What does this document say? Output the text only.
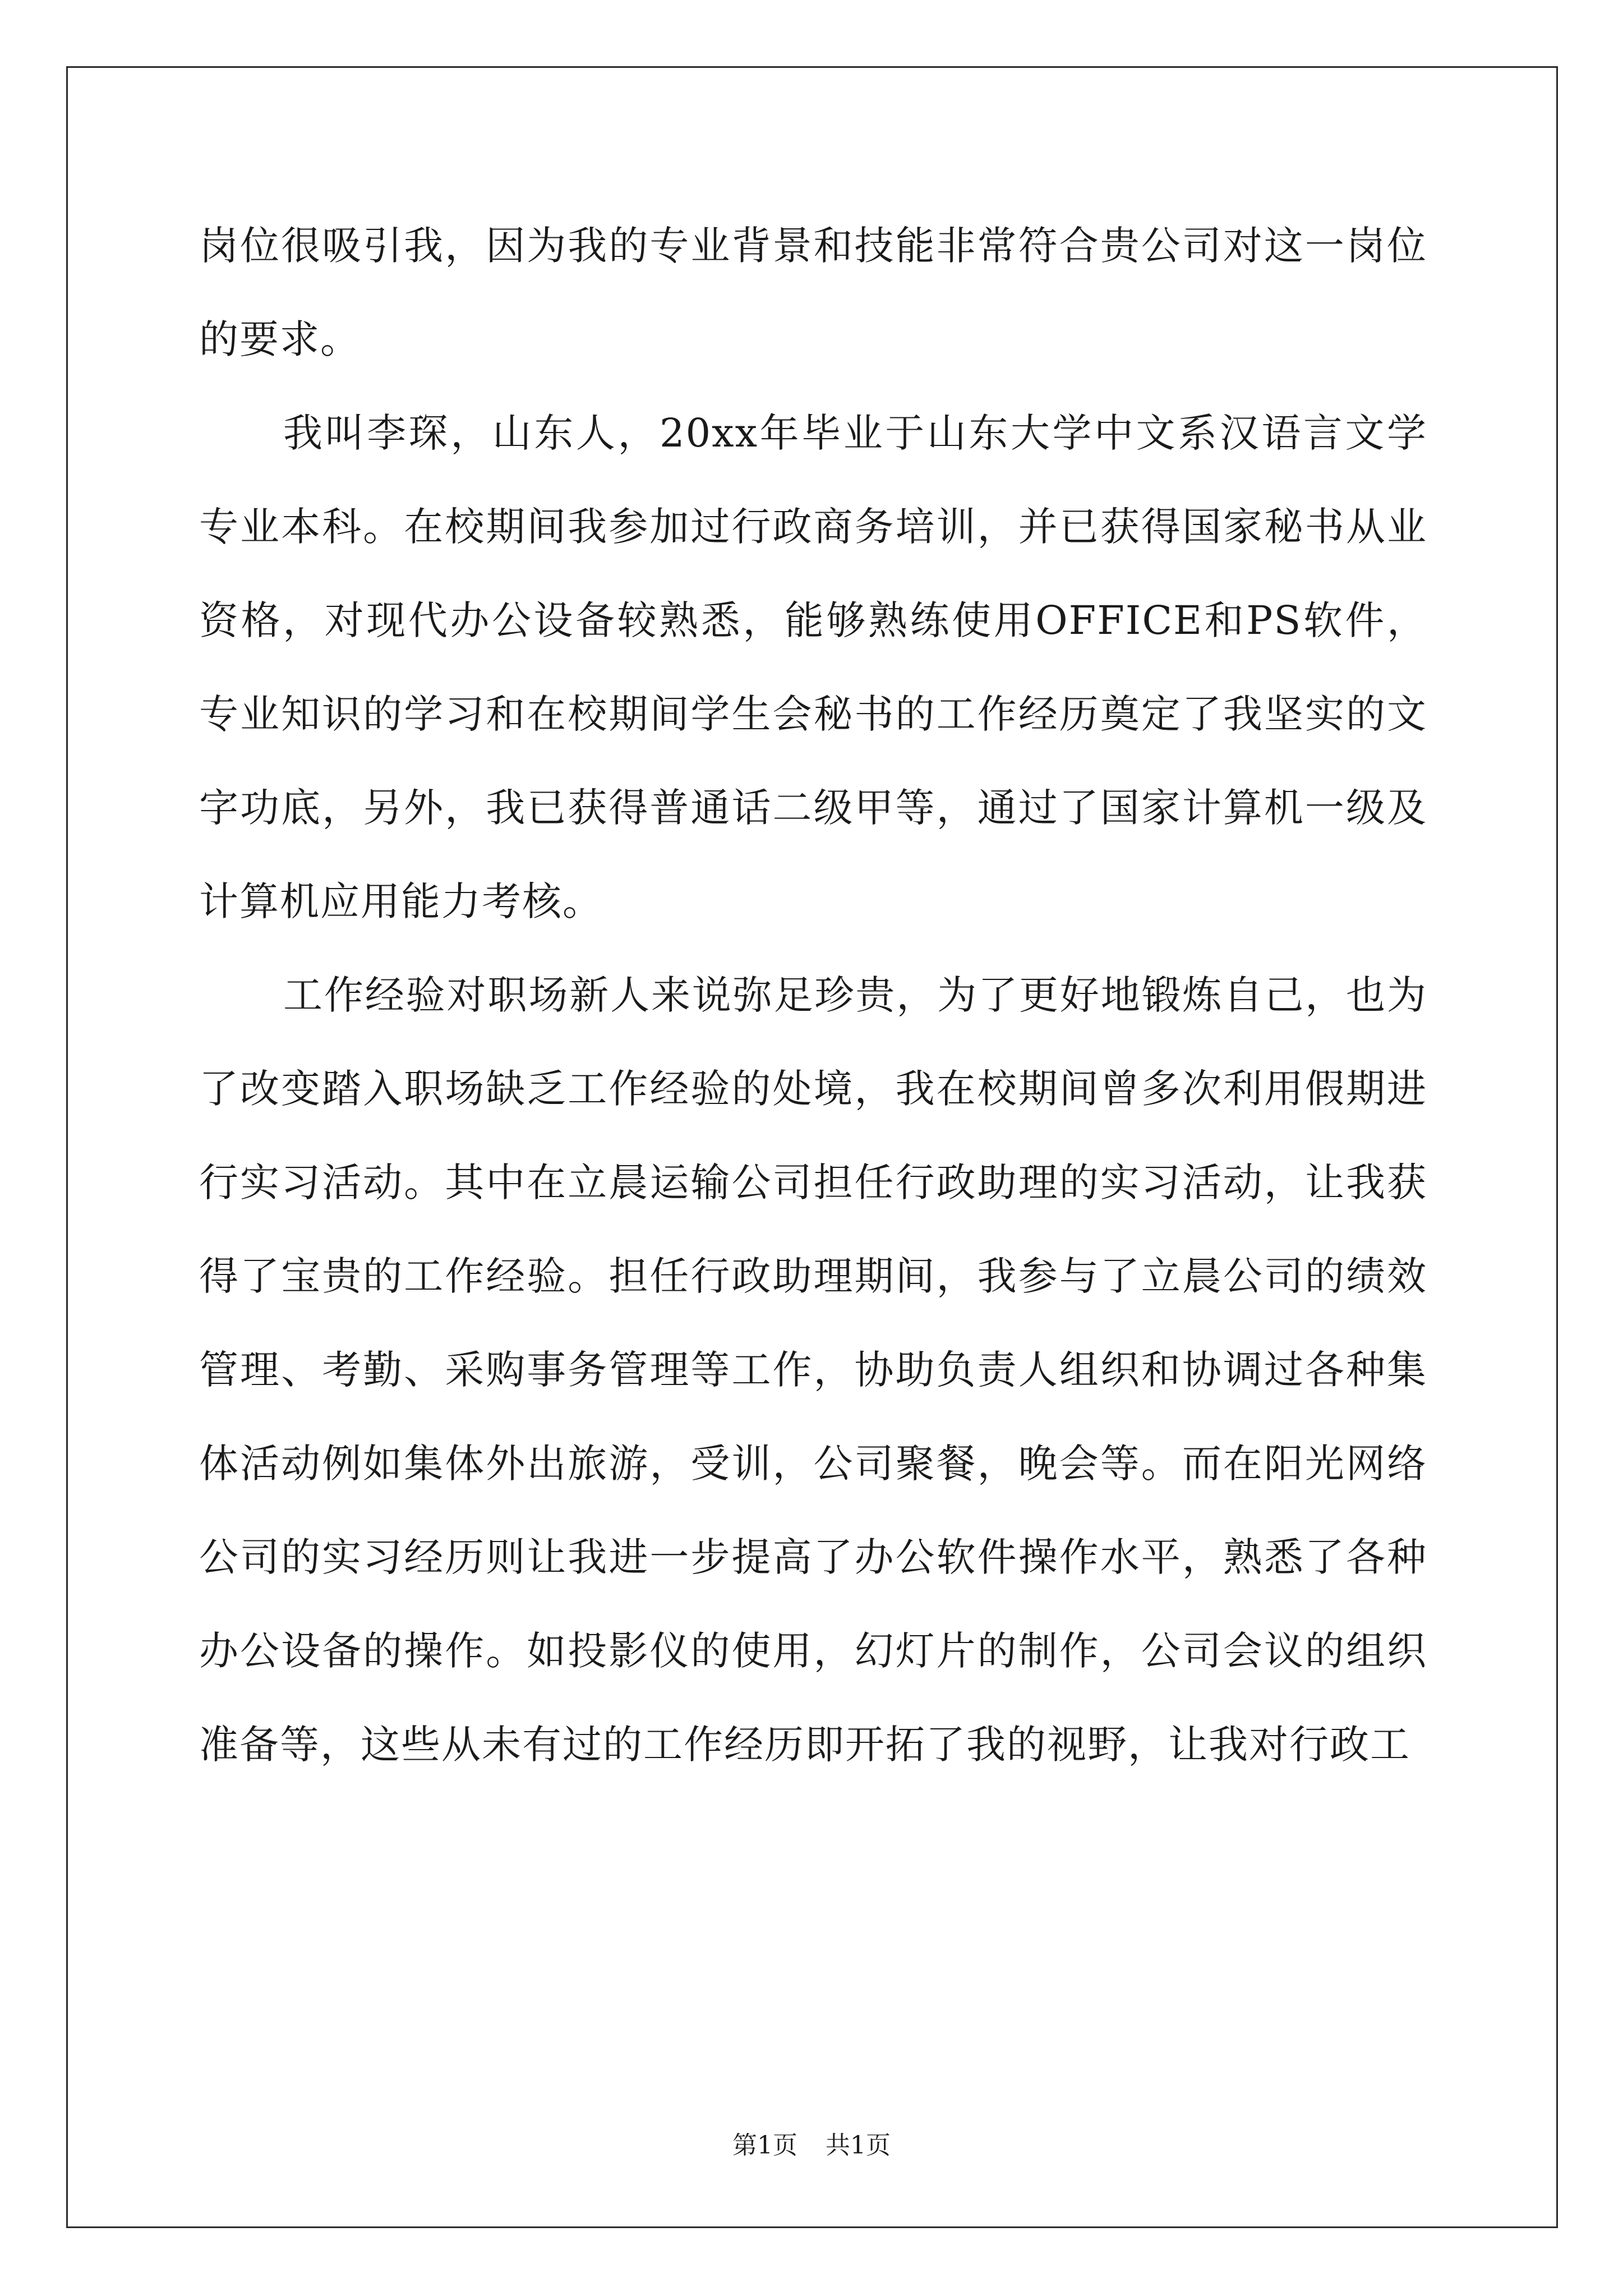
岗位很吸引我，因为我的专业背景和技能非常符合贵公司对这一岗位的要求。

我叫李琛，山东人，20xx年毕业于山东大学中文系汉语言文学专业本科。在校期间我参加过行政商务培训，并已获得国家秘书从业资格，对现代办公设备较熟悉，能够熟练使用OFFICE和PS软件，专业知识的学习和在校期间学生会秘书的工作经历奠定了我坚实的文字功底，另外，我已获得普通话二级甲等，通过了国家计算机一级及计算机应用能力考核。

工作经验对职场新人来说弥足珍贵，为了更好地锻炼自己，也为了改变踏入职场缺乏工作经验的处境，我在校期间曾多次利用假期进行实习活动。其中在立晨运输公司担任行政助理的实习活动，让我获得了宝贵的工作经验。担任行政助理期间，我参与了立晨公司的绩效管理、考勤、采购事务管理等工作，协助负责人组织和协调过各种集体活动例如集体外出旅游，受训，公司聚餐，晚会等。而在阳光网络公司的实习经历则让我进一步提高了办公软件操作水平，熟悉了各种办公设备的操作。如投影仪的使用，幻灯片的制作，公司会议的组织准备等，这些从未有过的工作经历即开拓了我的视野，让我对行政工

第1页 共1页
